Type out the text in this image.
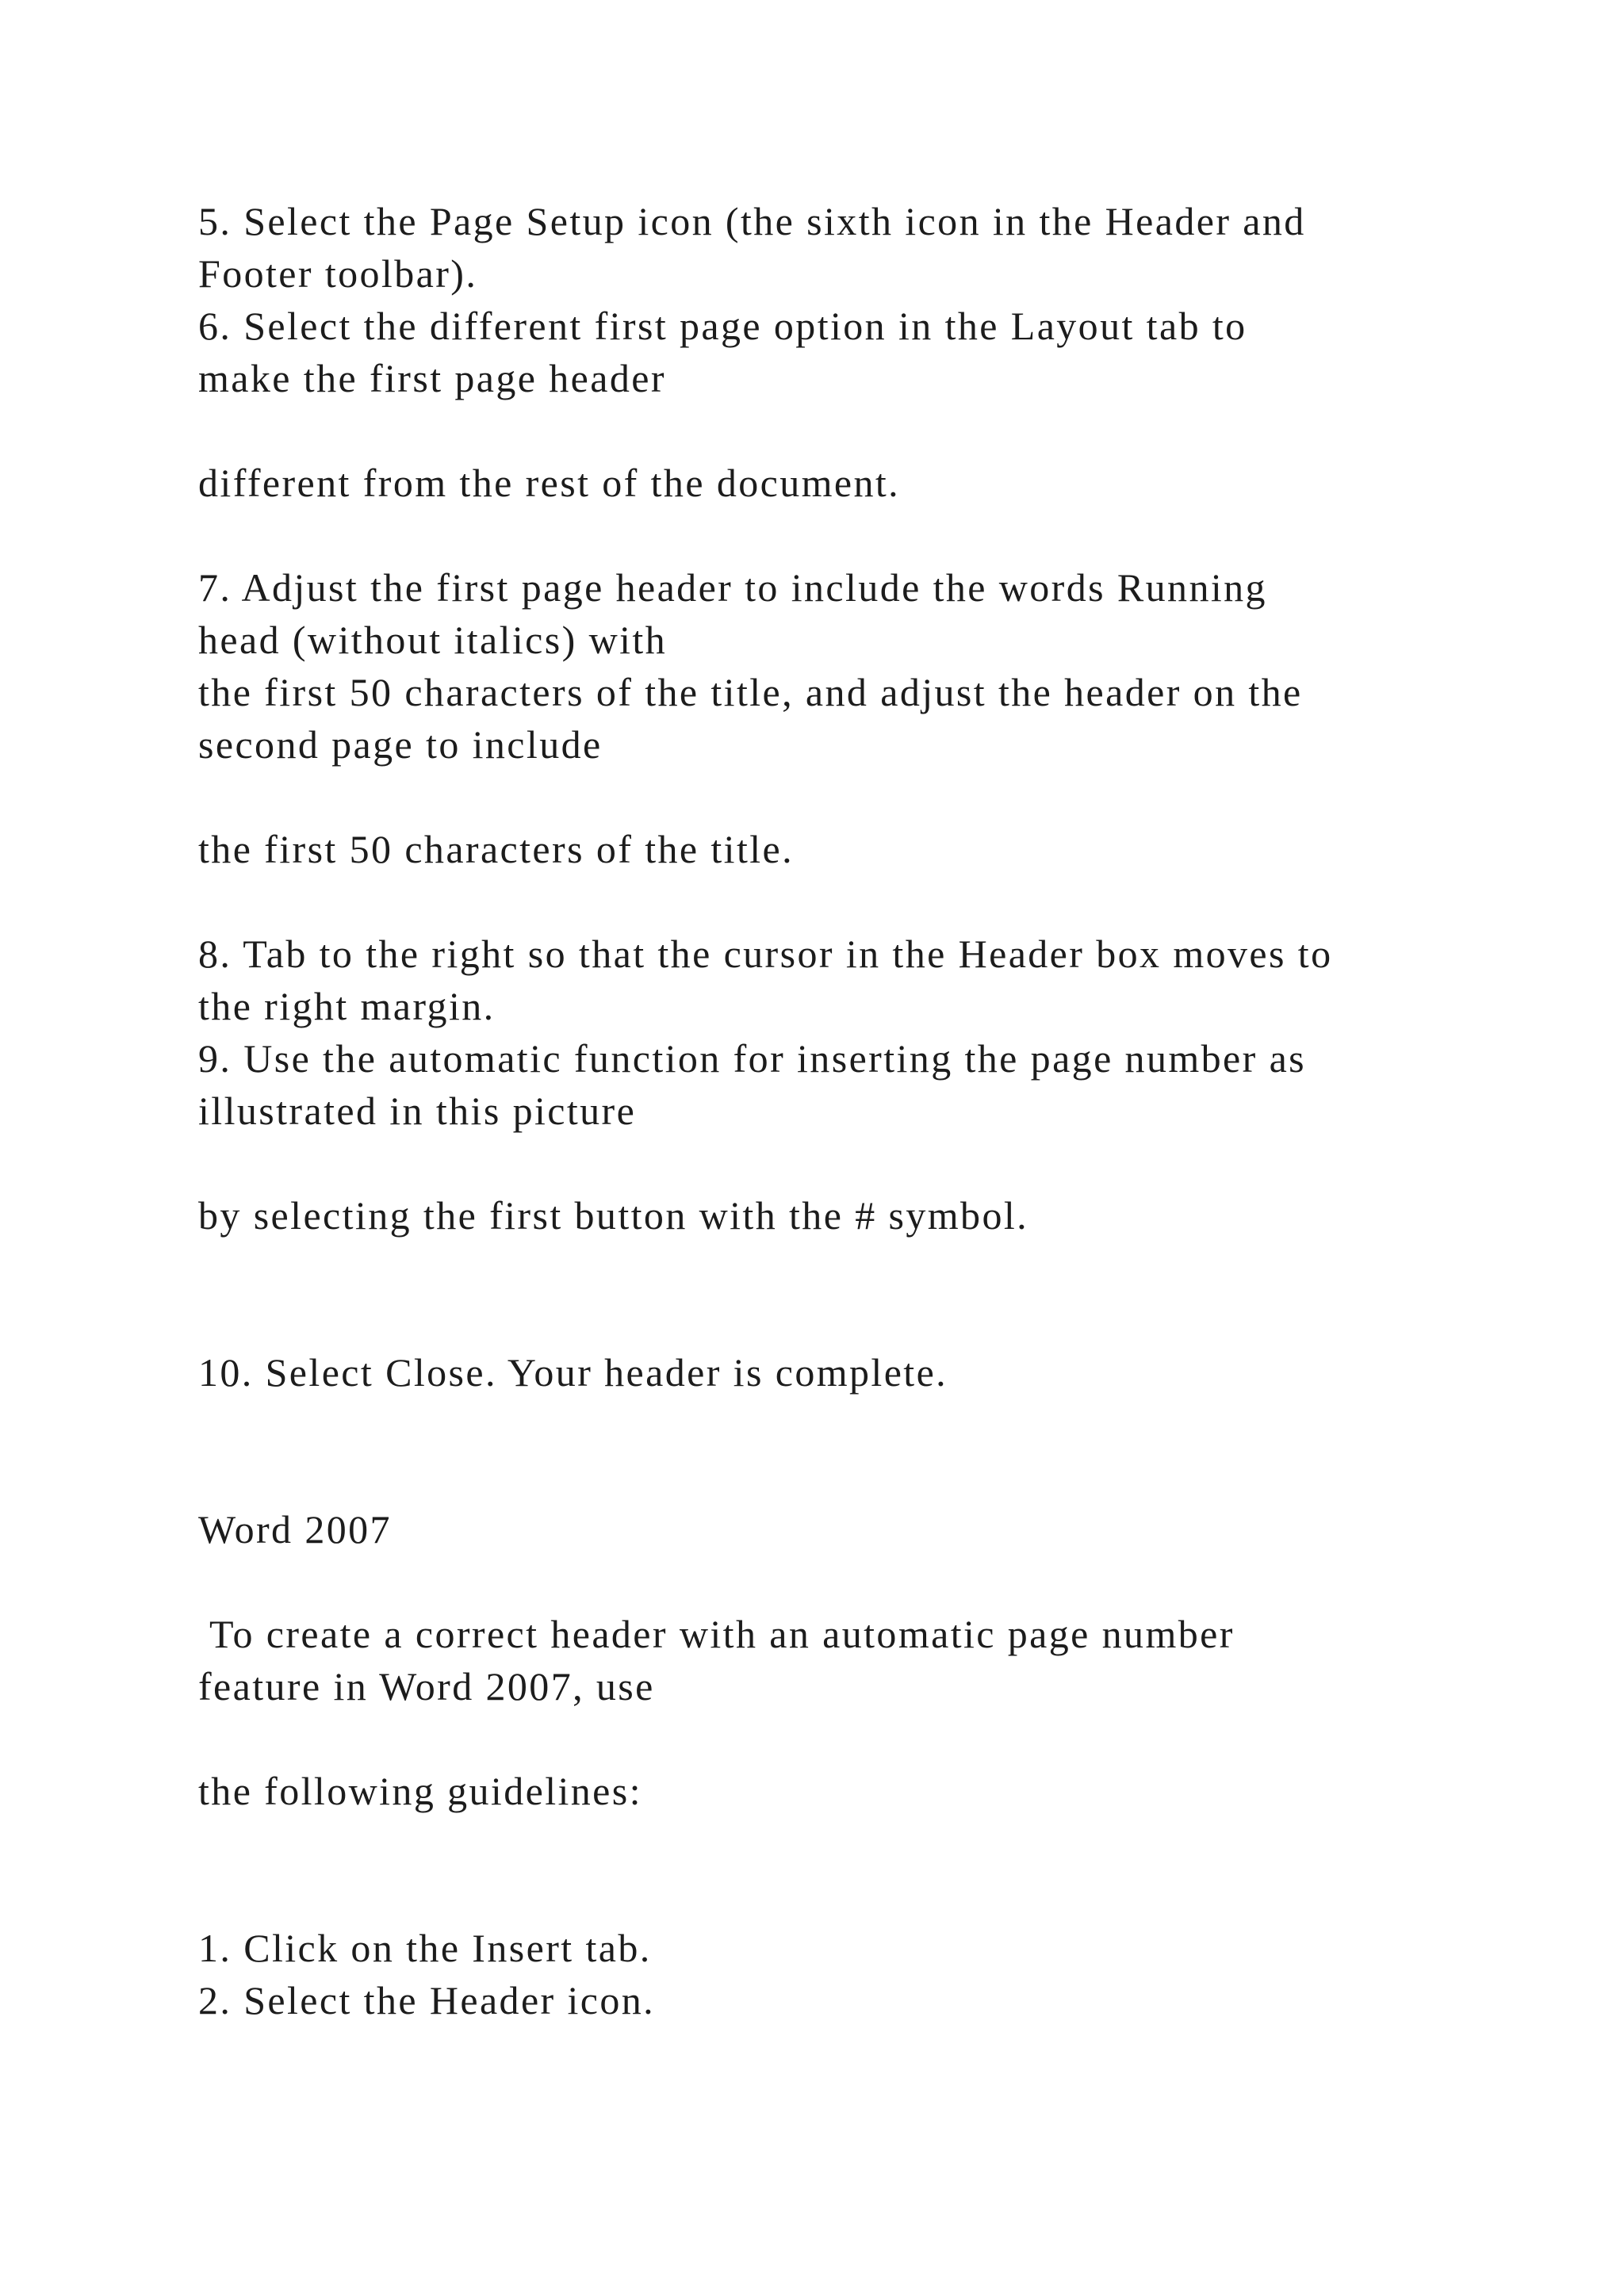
5. Select the Page Setup icon (the sixth icon in the Header and
Footer toolbar).
6. Select the different first page option in the Layout tab to
make the first page header
different from the rest of the document.
7. Adjust the first page header to include the words Running
head (without italics) with
the first 50 characters of the title, and adjust the header on the
second page to include
the first 50 characters of the title.
8. Tab to the right so that the cursor in the Header box moves to
the right margin.
9. Use the automatic function for inserting the page number as
illustrated in this picture
by selecting the first button with the # symbol.
10. Select Close. Your header is complete.
Word 2007
To create a correct header with an automatic page number
feature in Word 2007, use
the following guidelines:
1. Click on the Insert tab.
2. Select the Header icon.
